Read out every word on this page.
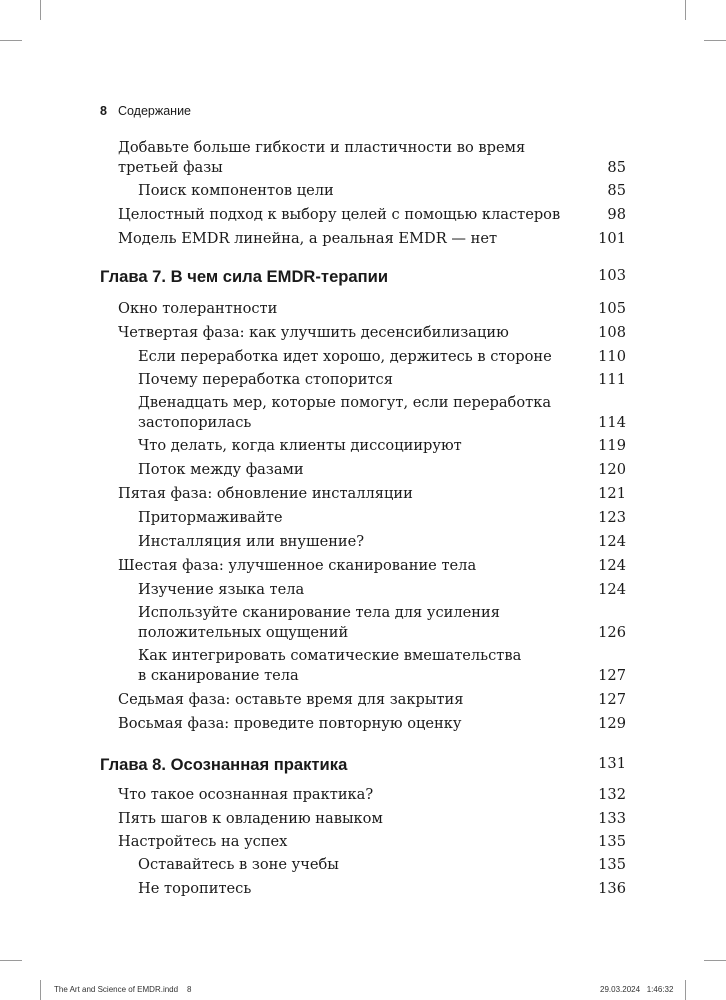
8 Содержание
Добавьте больше гибкости и пластичности во время
третьей фазы	85
Поиск компонентов цели	85
Целостный подход к выбору целей с помощью кластеров	98
Модель EMDR линейна, а реальная EMDR — нет	101
Глава 7. В чем сила EMDR-терапии	103
Окно толерантности	105
Четвертая фаза: как улучшить десенсибилизацию	108
Если переработка идет хорошо, держитесь в стороне	110
Почему переработка стопорится	111
Двенадцать мер, которые помогут, если переработка
застопорилась	114
Что делать, когда клиенты диссоциируют	119
Поток между фазами	120
Пятая фаза: обновление инсталляции	121
Притормаживайте	123
Инсталляция или внушение?	124
Шестая фаза: улучшенное сканирование тела	124
Изучение языка тела	124
Используйте сканирование тела для усиления
положительных ощущений	126
Как интегрировать соматические вмешательства
в сканирование тела	127
Седьмая фаза: оставьте время для закрытия	127
Восьмая фаза: проведите повторную оценку	129
Глава 8. Осознанная практика	131
Что такое осознанная практика?	132
Пять шагов к овладению навыком	133
Настройтесь на успех	135
Оставайтесь в зоне учебы	135
Не торопитесь	136
The Art and Science of EMDR.indd 8	29.03.2024 1:46:32
